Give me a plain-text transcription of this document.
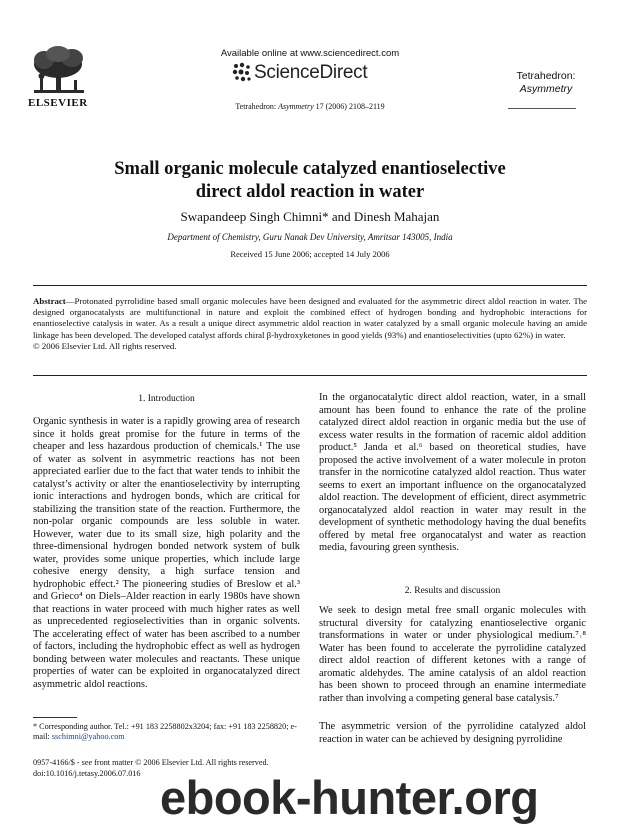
ELSEVIER
Available online at www.sciencedirect.com
ScienceDirect	Tetrahedron:
Asymmetry
Tetrahedron: Asymmetry 17 (2006) 2108–2119
Small organic molecule catalyzed enantioselective
direct aldol reaction in water
Swapandeep Singh Chimni* and Dinesh Mahajan
Department of Chemistry, Guru Nanak Dev University, Amritsar 143005, India
Received 15 June 2006; accepted 14 July 2006
Abstract—Protonated pyrrolidine based small organic molecules have been designed and evaluated for the asymmetric direct aldol reaction in water. The designed organocatalysts are multifunctional in nature and exploit the combined effect of hydrogen bonding and hydrophobic interactions for enantioselective catalysis in water. As a result a unique direct asymmetric aldol reaction in water catalyzed by a small organic molecule having an amide linkage has been developed. The developed catalyst affords chiral β-hydroxyketones in good yields (93%) and enantioselectivities (upto 62%) in water.
© 2006 Elsevier Ltd. All rights reserved.
1. Introduction
Organic synthesis in water is a rapidly growing area of research since it holds great promise for the future in terms of the cheaper and less hazardous production of chemicals.¹ The use of water as solvent in asymmetric reactions has not been appreciated earlier due to the fact that water tends to inhibit the catalyst’s activity or alter the enantioselectivity by interrupting ionic interactions and hydrogen bonds, which are critical for stabilizing the transition state of the reaction. Furthermore, the non-polar organic compounds are less soluble in water. However, water due to its small size, high polarity and the three-dimensional hydrogen bonded network system of bulk water, provides some unique properties, which include large cohesive energy density, a high surface tension and hydrophobic effect.² The pioneering studies of Breslow et al.³ and Grieco⁴ on Diels–Alder reaction in early 1980s have shown that reactions in water proceed with much higher rates as well as unprecedented regioselectivities than in organic solvents. The accelerating effect of water has been ascribed to a number of factors, including the hydrophobic effect as well as hydrogen bonding between water molecules and reactants. These unique properties of water can be exploited in organocatalyzed direct asymmetric aldol reactions.
* Corresponding author. Tel.: +91 183 2258802x3204; fax: +91 183 2258820; e-mail: sschimni@yahoo.com
0957-4166/$ - see front matter © 2006 Elsevier Ltd. All rights reserved.
doi:10.1016/j.tetasy.2006.07.016
In the organocatalytic direct aldol reaction, water, in a small amount has been found to enhance the rate of the proline catalyzed direct aldol reaction in organic media but the use of excess water results in the formation of racemic aldol addition product.⁵ Janda et al.⁶ based on theoretical studies, have proposed the active involvement of a water molecule in proton transfer in the nornicotine catalyzed aldol reaction. Thus water seems to exert an important influence on the organocatalyzed aldol reaction. The development of efficient, direct asymmetric organocatalyzed aldol reaction in water may result in the development of synthetic methodology having the dual benefits offered by metal free organocatalyst and water as reaction media, favouring green synthesis.
2. Results and discussion
We seek to design metal free small organic molecules with structural diversity for catalyzing enantioselective organic transformations in water or under physiological medium.⁷˒⁸ Water has been found to accelerate the pyrrolidine catalyzed direct aldol reaction of different ketones with a range of aromatic aldehydes. The amine catalysis of an aldol reaction has been shown to proceed through an enamine intermediate rather than involving a competing general base catalysis.⁷
The asymmetric version of the pyrrolidine catalyzed aldol reaction in water can be achieved by designing pyrrolidine
ebook-hunter.org
